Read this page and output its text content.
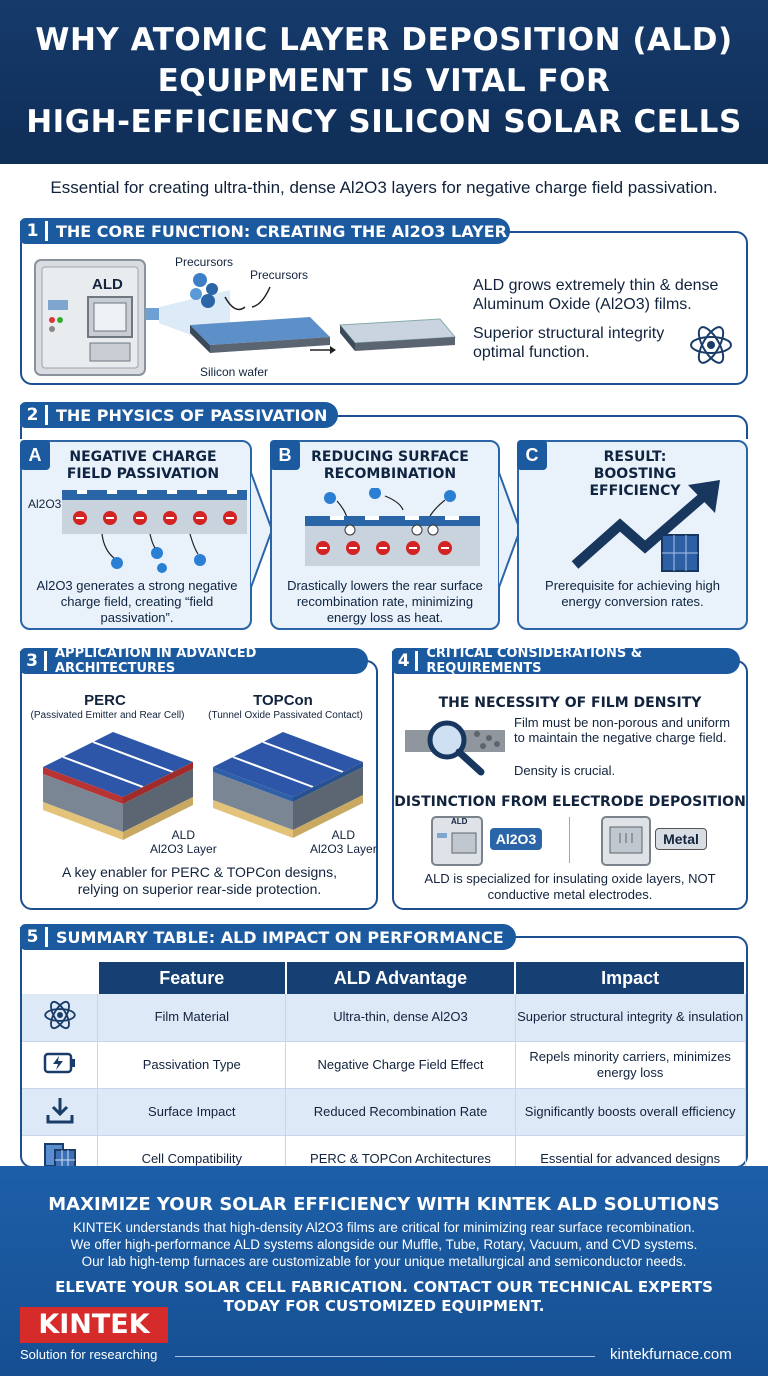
WHY ATOMIC LAYER DEPOSITION (ALD)
EQUIPMENT IS VITAL FOR
HIGH-EFFICIENCY SILICON SOLAR CELLS
Essential for creating ultra-thin, dense Al2O3 layers for negative charge field passivation.
1	THE CORE FUNCTION: CREATING THE Al2O3 LAYER
ALD
Precursors
Precursors
Silicon wafer
ALD grows extremely thin & dense Aluminum Oxide (Al2O3) films.
Superior structural integrity optimal function.
2	THE PHYSICS OF PASSIVATION
A	NEGATIVE CHARGE FIELD PASSIVATION
Al2O3
Al2O3 generates a strong negative charge field, creating “field passivation”.
B	REDUCING SURFACE RECOMBINATION
Drastically lowers the rear surface recombination rate, minimizing energy loss as heat.
C	RESULT: BOOSTING EFFICIENCY
Prerequisite for achieving high energy conversion rates.
3	APPLICATION IN ADVANCED ARCHITECTURES
PERC
(Passivated Emitter and Rear Cell)
TOPCon
(Tunnel Oxide Passivated Contact)
ALD
Al2O3 Layer
ALD
Al2O3 Layer
A key enabler for PERC & TOPCon designs, relying on superior rear-side protection.
4	CRITICAL CONSIDERATIONS & REQUIREMENTS
THE NECESSITY OF FILM DENSITY
Film must be non-porous and uniform to maintain the negative charge field.
Density is crucial.
DISTINCTION FROM ELECTRODE DEPOSITION
ALD
Al2O3	Metal
ALD is specialized for insulating oxide layers, NOT conductive metal electrodes.
5	SUMMARY TABLE: ALD IMPACT ON PERFORMANCE
	Feature	ALD Advantage	Impact
	Film Material	Ultra-thin, dense Al2O3	Superior structural integrity & insulation
	Passivation Type	Negative Charge Field Effect	Repels minority carriers, minimizes energy loss
	Surface Impact	Reduced Recombination Rate	Significantly boosts overall efficiency
	Cell Compatibility	PERC & TOPCon Architectures	Essential for advanced designs
MAXIMIZE YOUR SOLAR EFFICIENCY WITH KINTEK ALD SOLUTIONS
KINTEK understands that high-density Al2O3 films are critical for minimizing rear surface recombination.
We offer high-performance ALD systems alongside our Muffle, Tube, Rotary, Vacuum, and CVD systems.
Our lab high-temp furnaces are customizable for your unique metallurgical and semiconductor needs.
ELEVATE YOUR SOLAR CELL FABRICATION. CONTACT OUR TECHNICAL EXPERTS
TODAY FOR CUSTOMIZED EQUIPMENT.
KINTEK
Solution for researching	kintekfurnace.com
